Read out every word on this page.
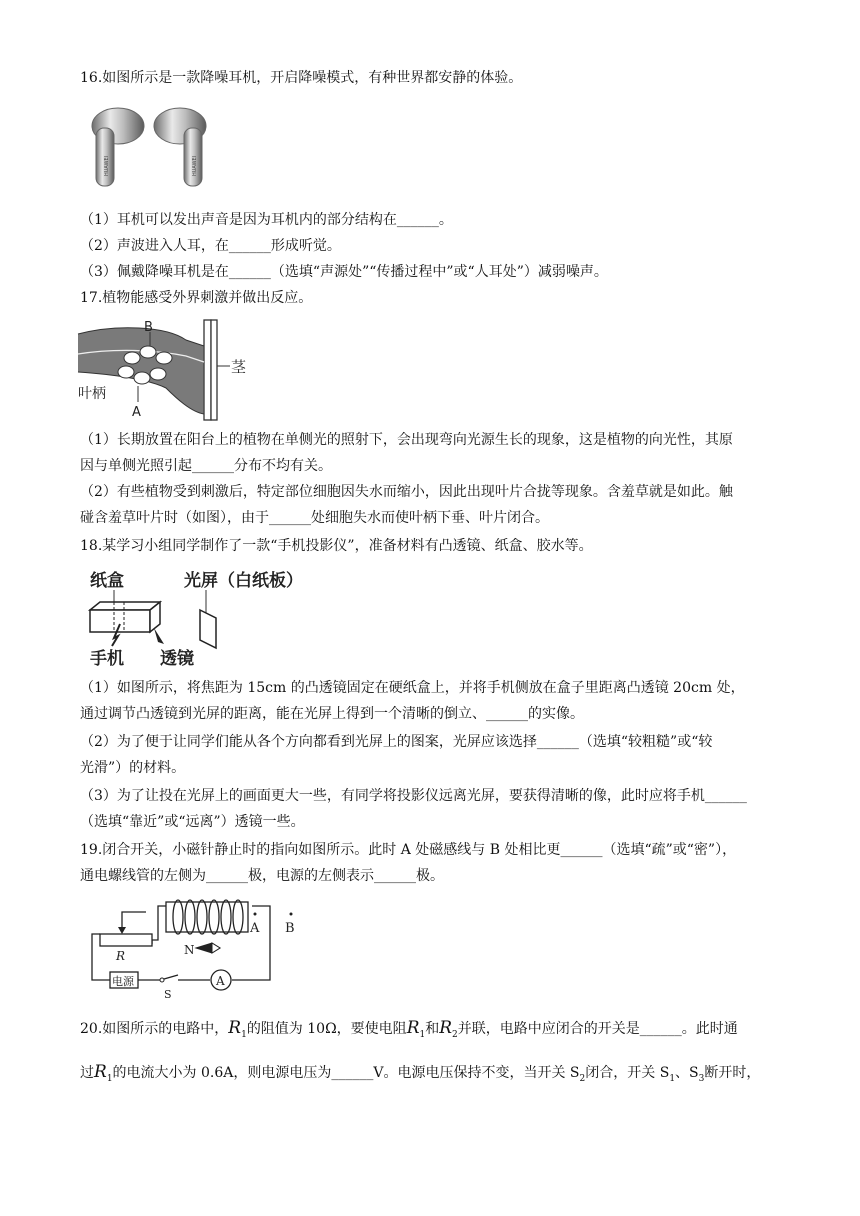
16.如图所示是一款降噪耳机，开启降噪模式，有种世界都安静的体验。
HUAWEI	HUAWEI
（1）耳机可以发出声音是因为耳机内的部分结构在______。
（2）声波进入人耳，在______形成听觉。
（3）佩戴降噪耳机是在______（选填“声源处”“传播过程中”或“人耳处”）减弱噪声。
17.植物能感受外界刺激并做出反应。
B
A
叶柄
茎
（1）长期放置在阳台上的植物在单侧光的照射下，会出现弯向光源生长的现象，这是植物的向光性，其原
因与单侧光照引起______分布不均有关。
（2）有些植物受到刺激后，特定部位细胞因失水而缩小，因此出现叶片合拢等现象。含羞草就是如此。触
碰含羞草叶片时（如图），由于______处细胞失水而使叶柄下垂、叶片闭合。
18.某学习小组同学制作了一款“手机投影仪”，准备材料有凸透镜、纸盒、胶水等。
纸盒	光屏（白纸板）
手机 透镜
（1）如图所示，将焦距为 15cm 的凸透镜固定在硬纸盒上，并将手机侧放在盒子里距离凸透镜 20cm 处，
通过调节凸透镜到光屏的距离，能在光屏上得到一个清晰的倒立、______的实像。
（2）为了便于让同学们能从各个方向都看到光屏上的图案，光屏应该选择______（选填“较粗糙”或“较
光滑”）的材料。
（3）为了让投在光屏上的画面更大一些，有同学将投影仪远离光屏，要获得清晰的像，此时应将手机______
（选填“靠近”或“远离”）透镜一些。
19.闭合开关，小磁针静止时的指向如图所示。此时 A 处磁感线与 B 处相比更______（选填“疏”或“密”），
通电螺线管的左侧为______极，电源的左侧表示______极。
R	N
A B
电源
S
A
20.如图所示的电路中，$R_1$的阻值为 10Ω，要使电阻$R_1$和$R_2$并联，电路中应闭合的开关是______。此时通
过$R_1$的电流大小为 0.6A，则电源电压为______V。电源电压保持不变，当开关 $S_2$闭合，开关 $S_1$、$S_3$断开时，
